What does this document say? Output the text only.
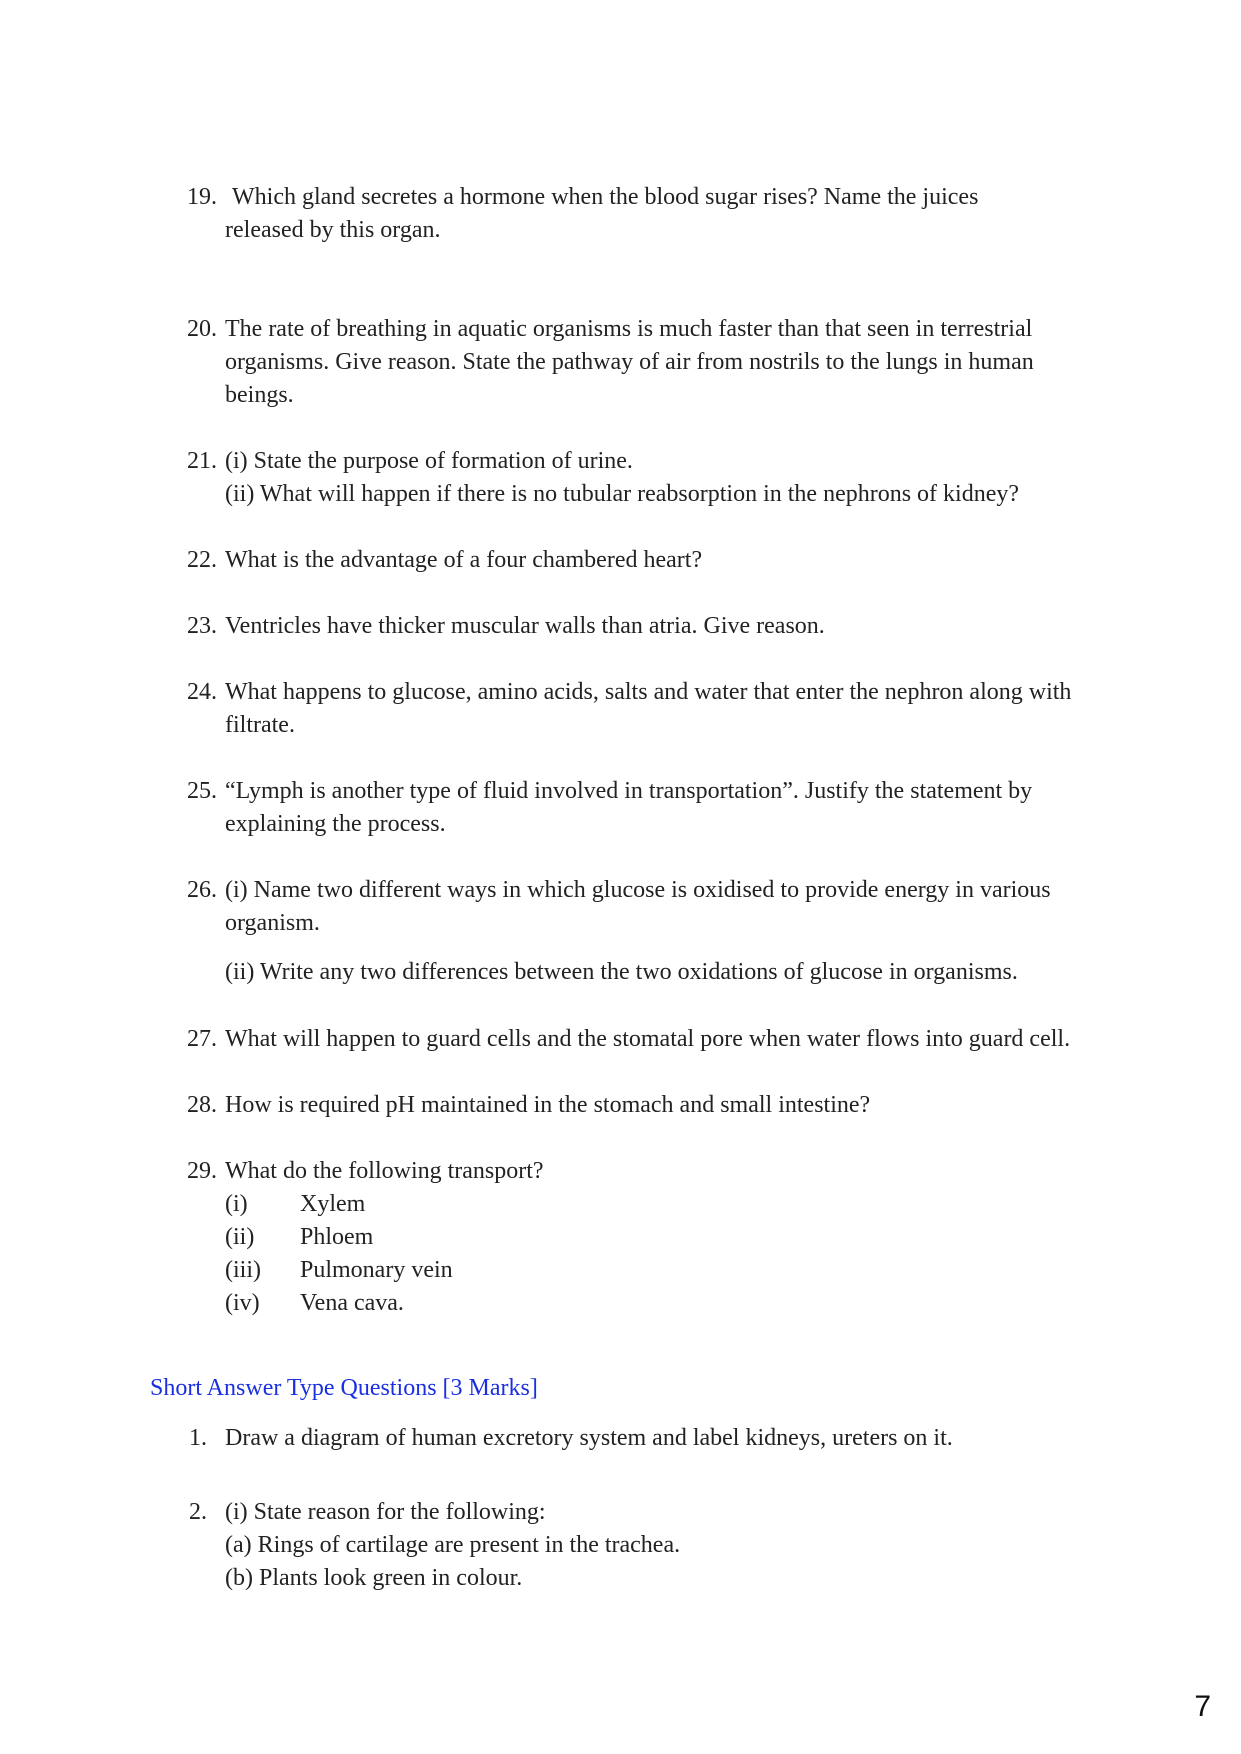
19. Which gland secretes a hormone when the blood sugar rises? Name the juices
released by this organ.
20. The rate of breathing in aquatic organisms is much faster than that seen in terrestrial
organisms. Give reason. State the pathway of air from nostrils to the lungs in human
beings.
21. (i) State the purpose of formation of urine.
(ii) What will happen if there is no tubular reabsorption in the nephrons of kidney?
22. What is the advantage of a four chambered heart?
23. Ventricles have thicker muscular walls than atria. Give reason.
24. What happens to glucose, amino acids, salts and water that enter the nephron along with
filtrate.
25. “Lymph is another type of fluid involved in transportation”. Justify the statement by
explaining the process.
26. (i) Name two different ways in which glucose is oxidised to provide energy in various
organism.
(ii) Write any two differences between the two oxidations of glucose in organisms.
27. What will happen to guard cells and the stomatal pore when water flows into guard cell.
28. How is required pH maintained in the stomach and small intestine?
29. What do the following transport?
(i)	Xylem
(ii)	Phloem
(iii)	Pulmonary vein
(iv)	Vena cava.
Short Answer Type Questions [3 Marks]
1. Draw a diagram of human excretory system and label kidneys, ureters on it.
2. (i) State reason for the following:
(a) Rings of cartilage are present in the trachea.
(b) Plants look green in colour.
7
